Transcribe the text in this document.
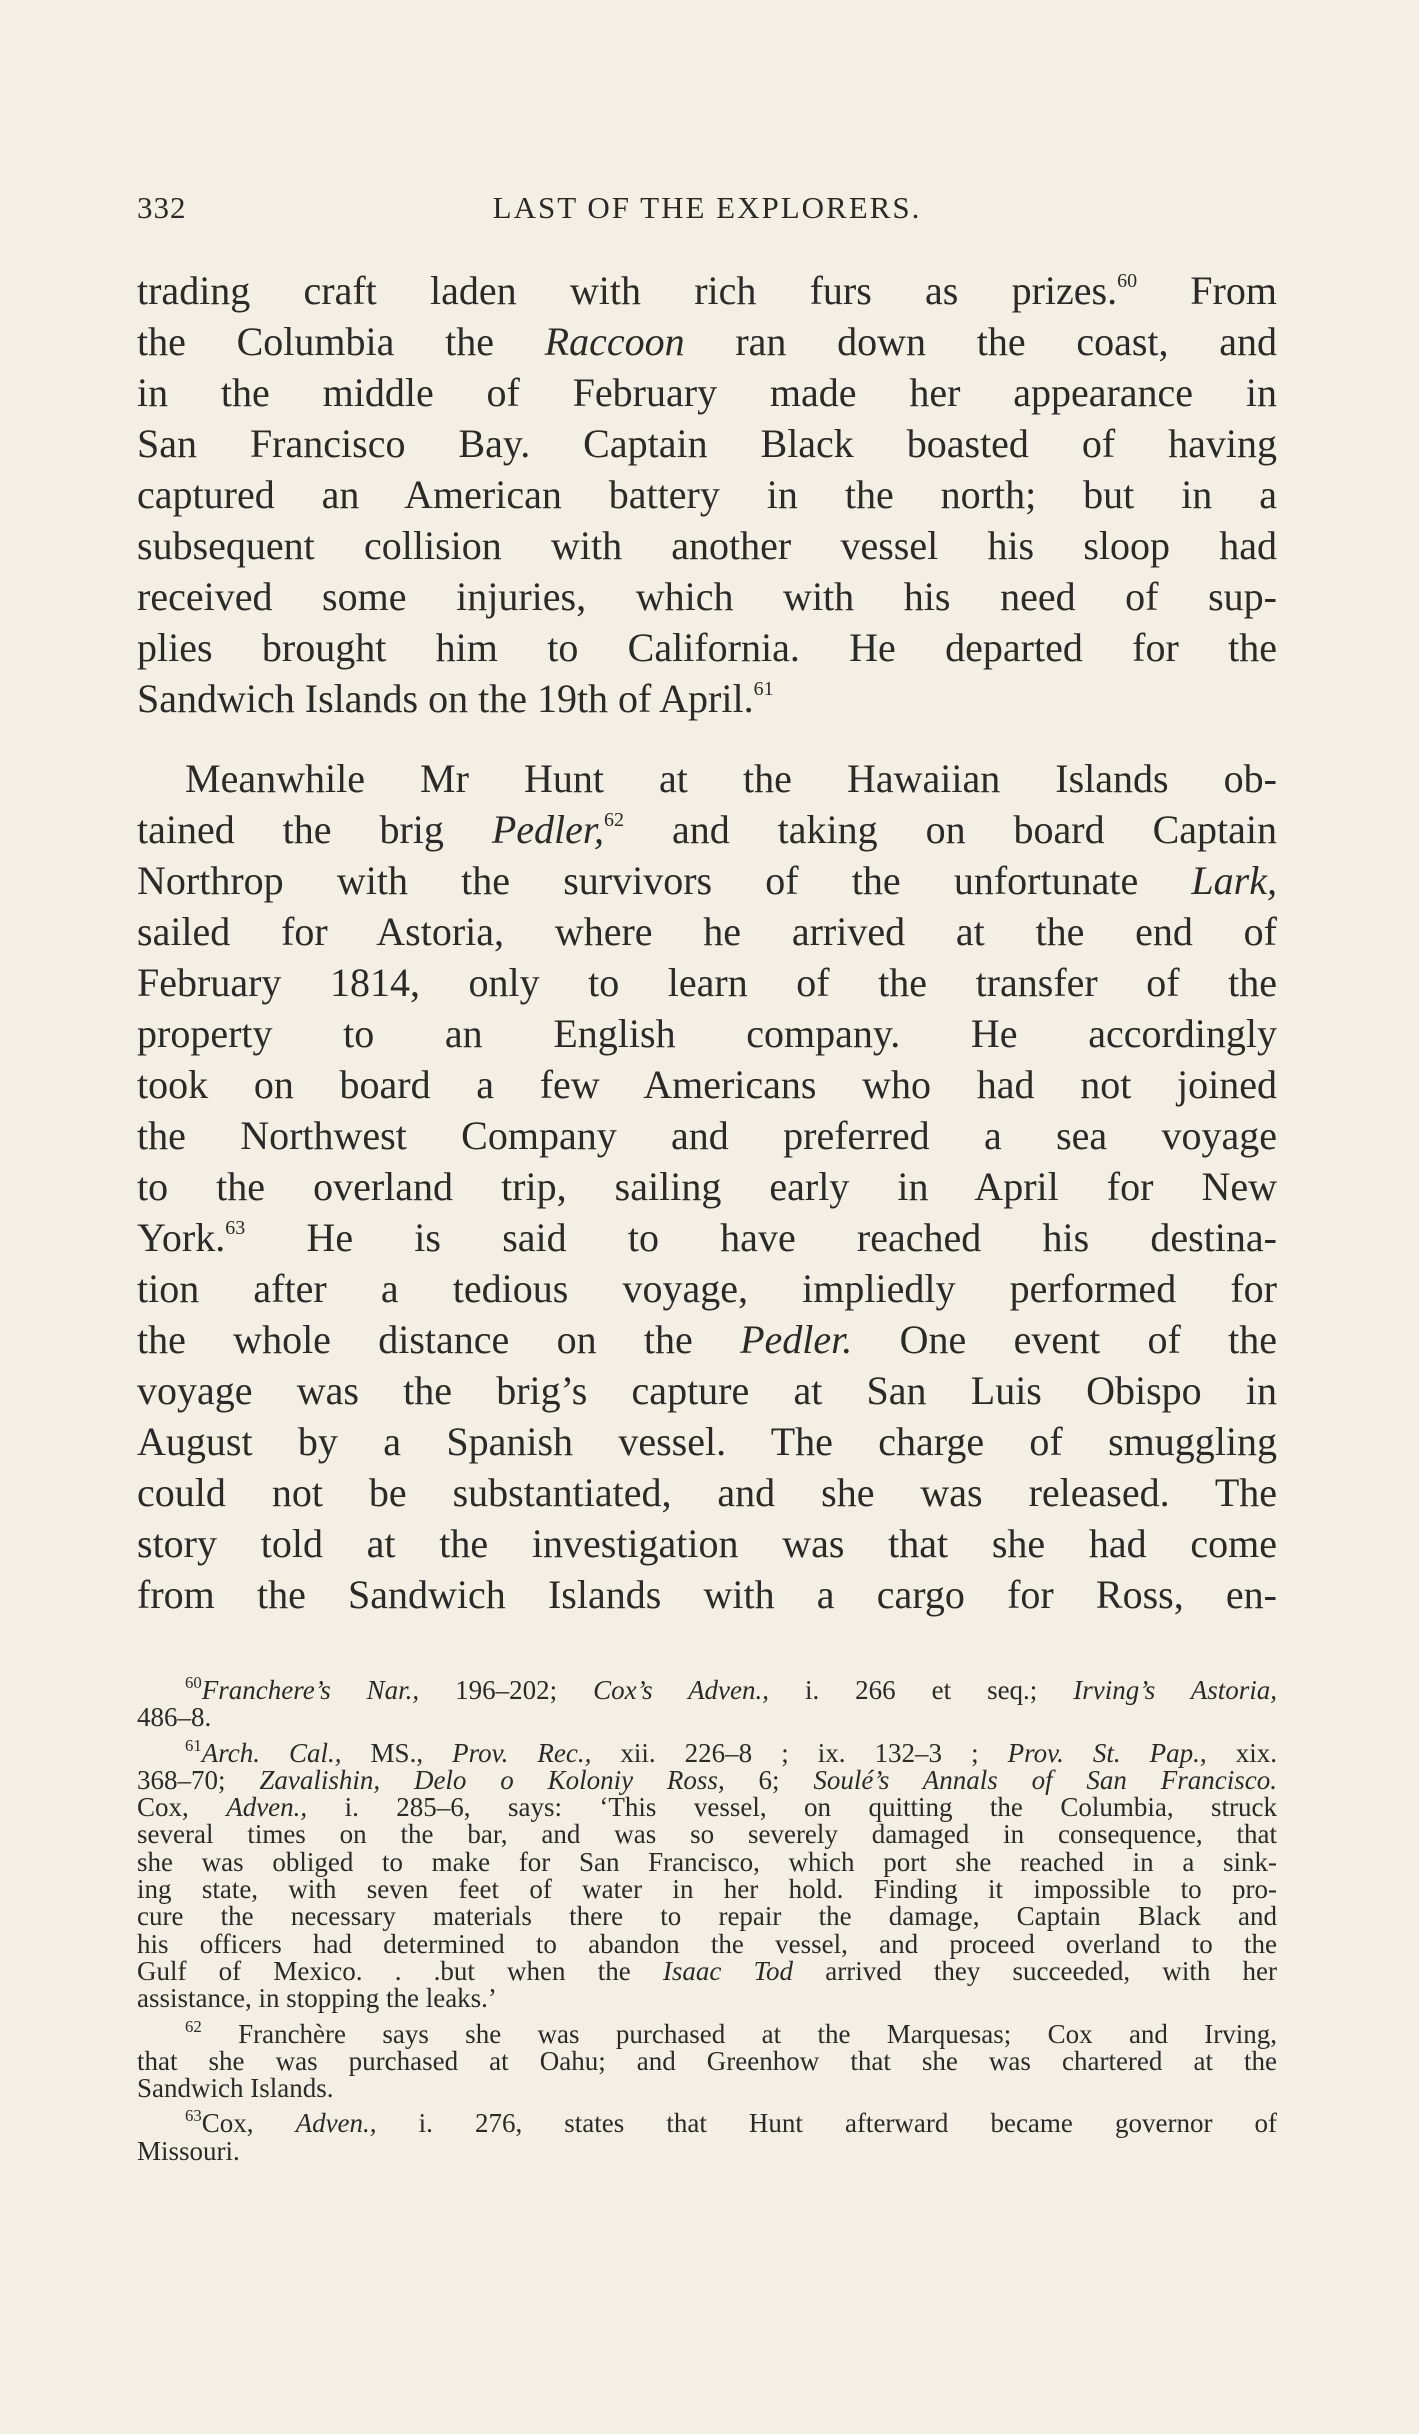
332	LAST OF THE EXPLORERS.
trading craft laden with rich furs as prizes.$^{60}$ From
the Columbia the Raccoon ran down the coast, and
in the middle of February made her appearance in
San Francisco Bay. Captain Black boasted of having
captured an American battery in the north; but in a
subsequent collision with another vessel his sloop had
received some injuries, which with his need of sup-
plies brought him to California. He departed for the
Sandwich Islands on the 19th of April.$^{61}$
Meanwhile Mr Hunt at the Hawaiian Islands ob-
tained the brig Pedler,$^{62}$ and taking on board Captain
Northrop with the survivors of the unfortunate Lark,
sailed for Astoria, where he arrived at the end of
February 1814, only to learn of the transfer of the
property to an English company. He accordingly
took on board a few Americans who had not joined
the Northwest Company and preferred a sea voyage
to the overland trip, sailing early in April for New
York.$^{63}$ He is said to have reached his destina-
tion after a tedious voyage, impliedly performed for
the whole distance on the Pedler. One event of the
voyage was the brig’s capture at San Luis Obispo in
August by a Spanish vessel. The charge of smuggling
could not be substantiated, and she was released. The
story told at the investigation was that she had come
from the Sandwich Islands with a cargo for Ross, en-
$^{60}$Franchere’s Nar., 196–202; Cox’s Adven., i. 266 et seq.; Irving’s Astoria,
486–8.
$^{61}$Arch. Cal., MS., Prov. Rec., xii. 226–8 ; ix. 132–3 ; Prov. St. Pap., xix.
368–70; Zavalishin, Delo o Koloniy Ross, 6; Soulé’s Annals of San Francisco.
Cox, Adven., i. 285–6, says: ‘This vessel, on quitting the Columbia, struck
several times on the bar, and was so severely damaged in consequence, that
she was obliged to make for San Francisco, which port she reached in a sink-
ing state, with seven feet of water in her hold. Finding it impossible to pro-
cure the necessary materials there to repair the damage, Captain Black and
his officers had determined to abandon the vessel, and proceed overland to the
Gulf of Mexico. . .but when the Isaac Tod arrived they succeeded, with her
assistance, in stopping the leaks.’
$^{62}$ Franchère says she was purchased at the Marquesas; Cox and Irving,
that she was purchased at Oahu; and Greenhow that she was chartered at the
Sandwich Islands.
$^{63}$Cox, Adven., i. 276, states that Hunt afterward became governor of
Missouri.
